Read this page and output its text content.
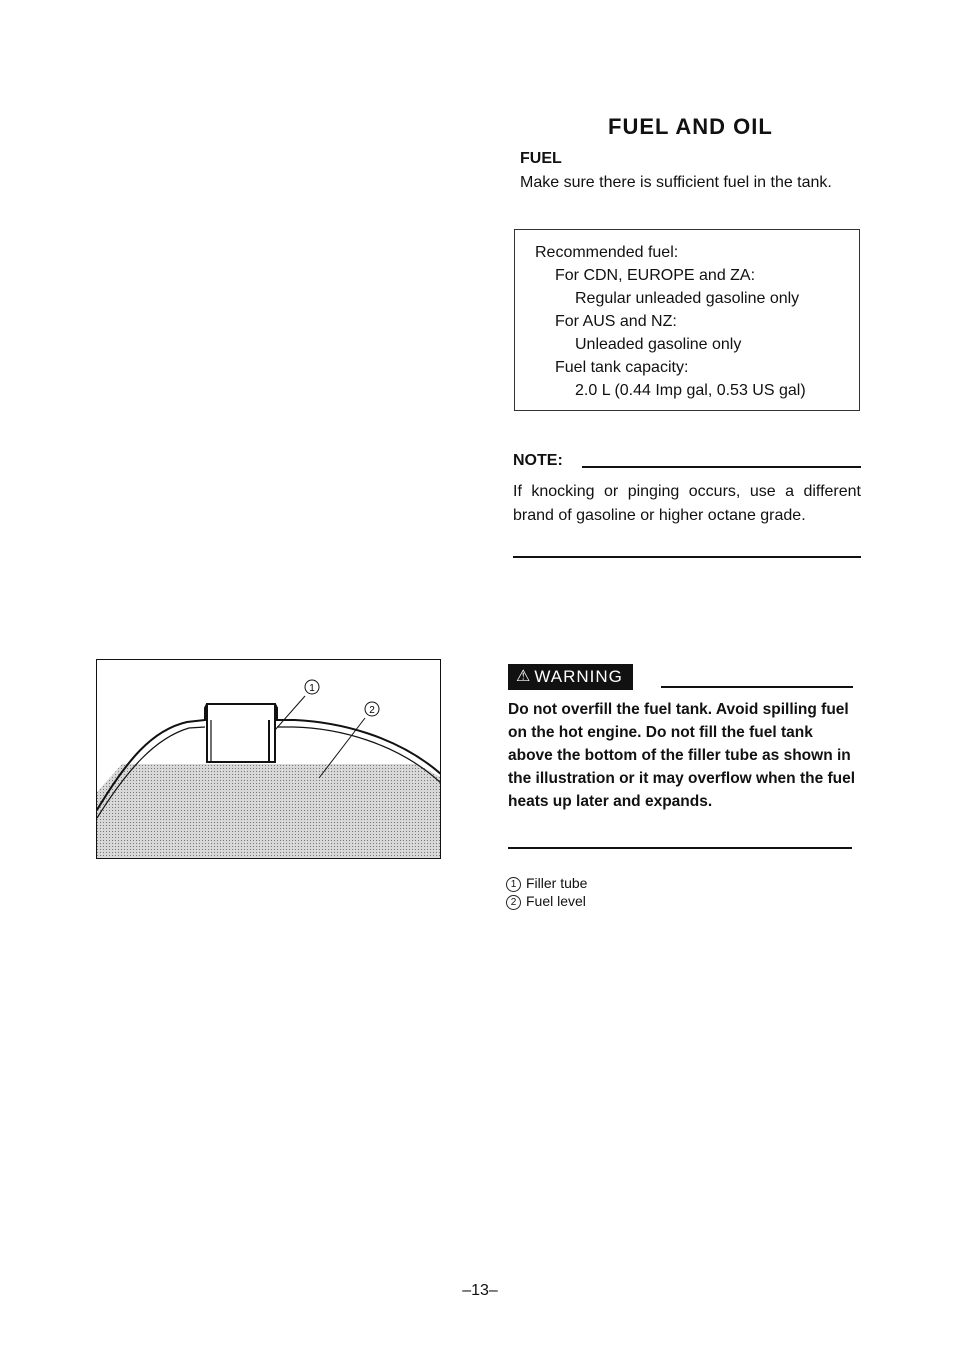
FUEL AND OIL
FUEL
Make sure there is sufficient fuel in the tank.
Recommended fuel:
For CDN, EUROPE and ZA:
Regular unleaded gasoline only
For AUS and NZ:
Unleaded gasoline only
Fuel tank capacity:
2.0 L (0.44 Imp gal, 0.53 US gal)
NOTE:
If knocking or pinging occurs, use a different brand of gasoline or higher octane grade.
1
2
⚠ WARNING
Do not overfill the fuel tank. Avoid spilling fuel on the hot engine. Do not fill the fuel tank above the bottom of the filler tube as shown in the illustration or it may overflow when the fuel heats up later and expands.
1 Filler tube
2 Fuel level
–13–
